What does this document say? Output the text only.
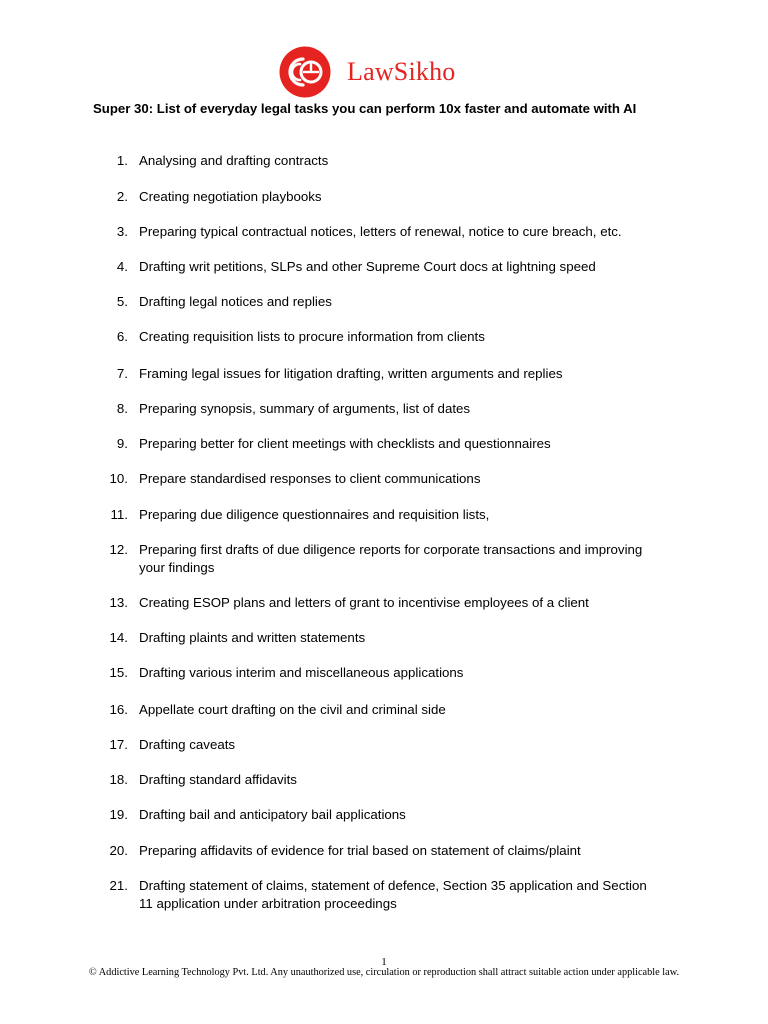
LawSikho
Super 30: List of everyday legal tasks you can perform 10x faster and automate with AI
1. Analysing and drafting contracts
2. Creating negotiation playbooks
3. Preparing typical contractual notices, letters of renewal, notice to cure breach, etc.
4. Drafting writ petitions, SLPs and other Supreme Court docs at lightning speed
5. Drafting legal notices and replies
6. Creating requisition lists to procure information from clients
7. Framing legal issues for litigation drafting, written arguments and replies
8. Preparing synopsis, summary of arguments, list of dates
9. Preparing better for client meetings with checklists and questionnaires
10. Prepare standardised responses to client communications
11. Preparing due diligence questionnaires and requisition lists,
12. Preparing first drafts of due diligence reports for corporate transactions and improving your findings
13. Creating ESOP plans and letters of grant to incentivise employees of a client
14. Drafting plaints and written statements
15. Drafting various interim and miscellaneous applications
16. Appellate court drafting on the civil and criminal side
17. Drafting caveats
18. Drafting standard affidavits
19. Drafting bail and anticipatory bail applications
20. Preparing affidavits of evidence for trial based on statement of claims/plaint
21. Drafting statement of claims, statement of defence, Section 35 application and Section 11 application under arbitration proceedings
1
© Addictive Learning Technology Pvt. Ltd. Any unauthorized use, circulation or reproduction shall attract suitable action under applicable law.
